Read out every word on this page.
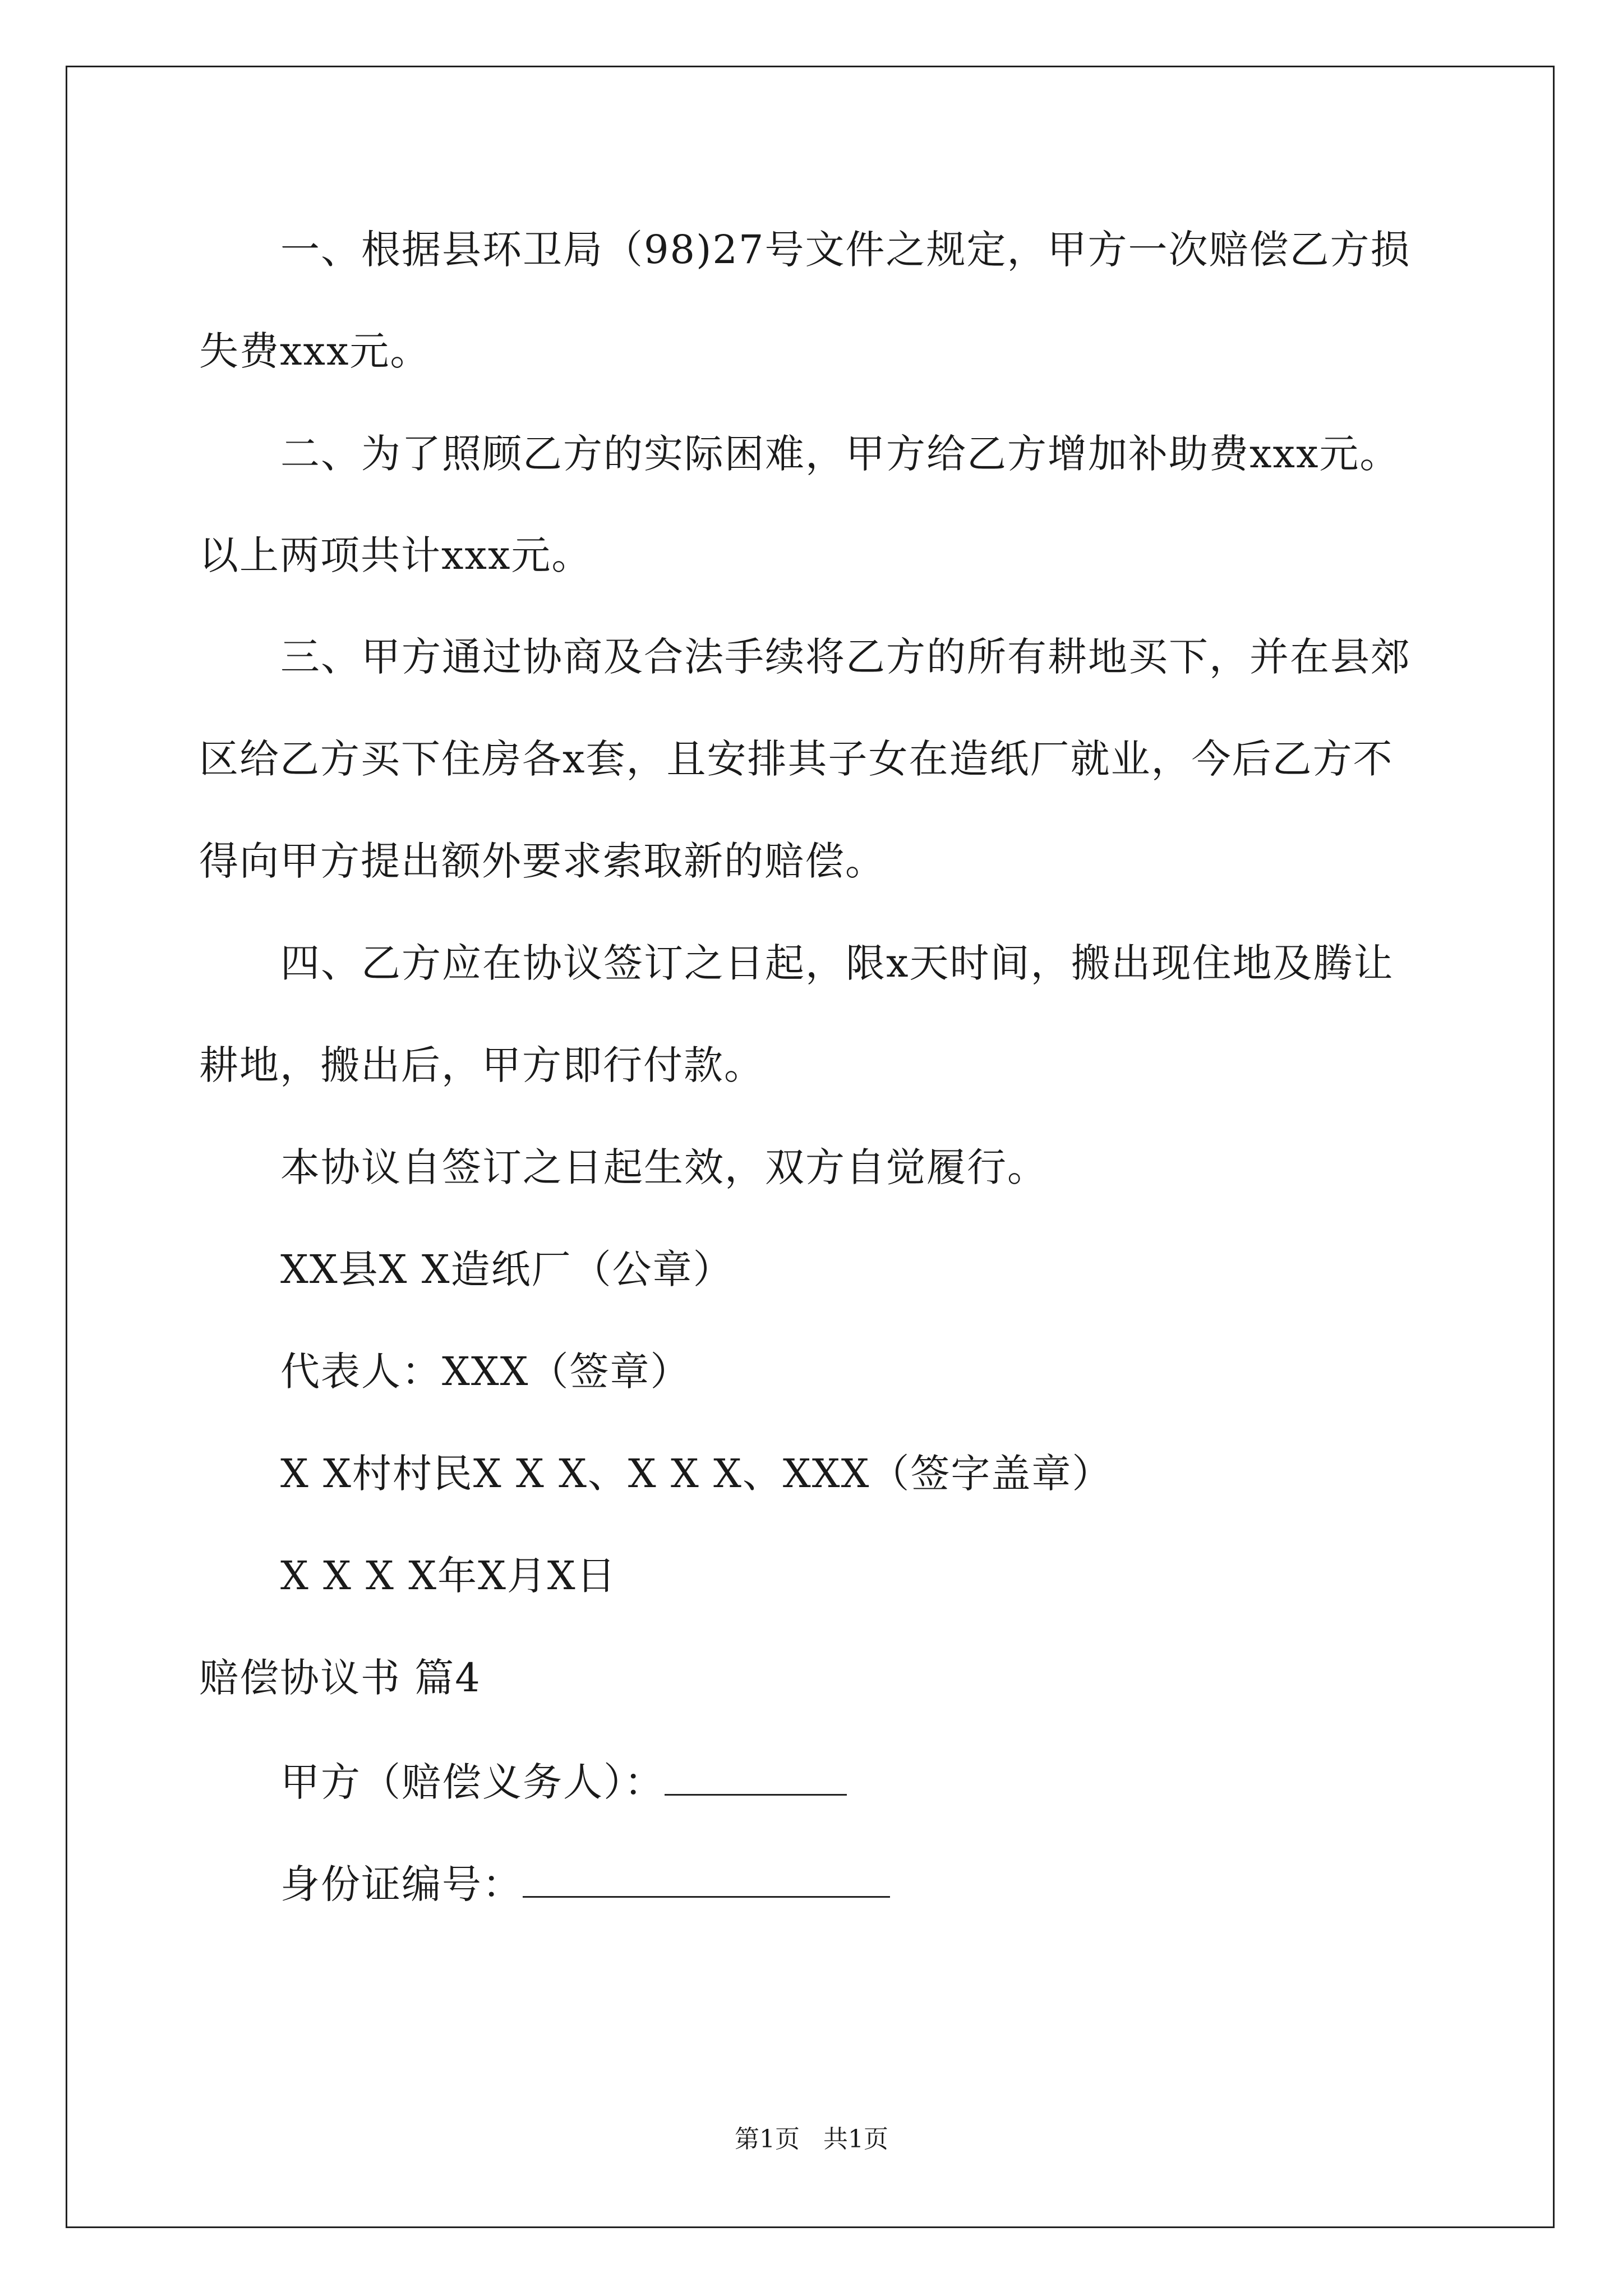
一、根据县环卫局（98)27号文件之规定，甲方一次赔偿乙方损
失费xxx元。
二、为了照顾乙方的实际困难，甲方给乙方增加补助费xxx元。
以上两项共计xxx元。
三、甲方通过协商及合法手续将乙方的所有耕地买下，并在县郊
区给乙方买下住房各x套，且安排其子女在造纸厂就业，今后乙方不
得向甲方提出额外要求索取新的赔偿。
四、乙方应在协议签订之日起，限x天时间，搬出现住地及腾让
耕地，搬出后，甲方即行付款。
本协议自签订之日起生效，双方自觉履行。
XX县X X造纸厂（公章）
代表人：XXX（签章）
X X村村民X X X、X X X、XXX（签字盖章）
X X X X年X月X日
赔偿协议书 篇4
甲方（赔偿义务人）：
身份证编号：
第1页   共1页
